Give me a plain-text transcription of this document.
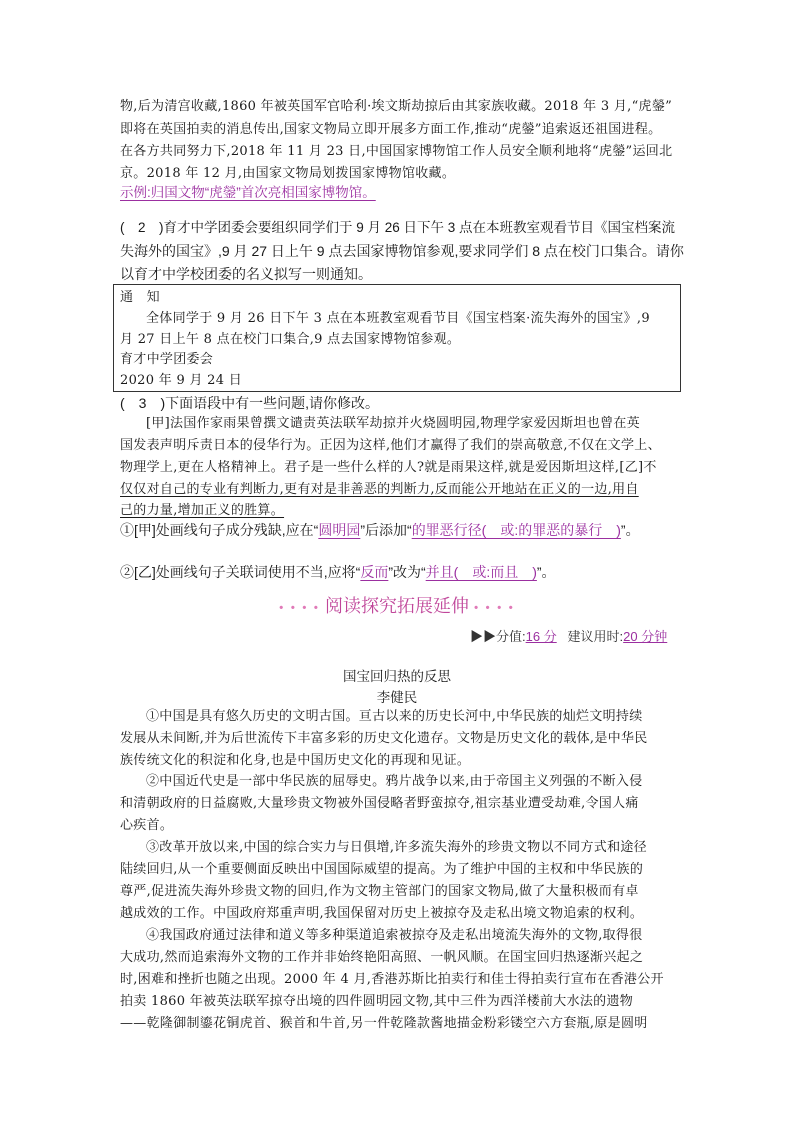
物,后为清宫收藏,1860 年被英国军官哈利·埃文斯劫掠后由其家族收藏。2018 年 3 月,“虎鎣”
即将在英国拍卖的消息传出,国家文物局立即开展多方面工作,推动“虎鎣”追索返还祖国进程。
在各方共同努力下,2018 年 11 月 23 日,中国国家博物馆工作人员安全顺利地将“虎鎣”运回北
京。2018 年 12 月,由国家文物局划拨国家博物馆收藏。
示例:归国文物“虎鎣”首次亮相国家博物馆。
(　2　)育才中学团委会要组织同学们于 9 月 26 日下午 3 点在本班教室观看节目《国宝档案流
失海外的国宝》,9 月 27 日上午 9 点去国家博物馆参观,要求同学们 8 点在校门口集合。请你
以育才中学校团委的名义拟写一则通知。
通　知
全体同学于 9 月 26 日下午 3 点在本班教室观看节目《国宝档案·流失海外的国宝》,9
月 27 日上午 8 点在校门口集合,9 点去国家博物馆参观。
育才中学团委会
2020 年 9 月 24 日
(　3　)下面语段中有一些问题,请你修改。
[甲]法国作家雨果曾撰文谴责英法联军劫掠并火烧圆明园,物理学家爱因斯坦也曾在英
国发表声明斥责日本的侵华行为。正因为这样,他们才赢得了我们的崇高敬意,不仅在文学上、
物理学上,更在人格精神上。君子是一些什么样的人?就是雨果这样,就是爱因斯坦这样,[乙]不
仅仅对自己的专业有判断力,更有对是非善恶的判断力,反而能公开地站在正义的一边,用自
己的力量,增加正义的胜算。
①[甲]处画线句子成分残缺,应在“圆明园”后添加“的罪恶行径(　或:的罪恶的暴行　)”。
②[乙]处画线句子关联词使用不当,应将“反而”改为“并且(　或:而且　)”。
• • • • 阅读探究拓展延伸 • • • •
▶▶分值:16 分 建议用时:20 分钟
国宝回归热的反思
李健民
①中国是具有悠久历史的文明古国。亘古以来的历史长河中,中华民族的灿烂文明持续
发展从未间断,并为后世流传下丰富多彩的历史文化遗存。文物是历史文化的载体,是中华民
族传统文化的积淀和化身,也是中国历史文化的再现和见证。
②中国近代史是一部中华民族的屈辱史。鸦片战争以来,由于帝国主义列强的不断入侵
和清朝政府的日益腐败,大量珍贵文物被外国侵略者野蛮掠夺,祖宗基业遭受劫难,令国人痛
心疾首。
③改革开放以来,中国的综合实力与日俱增,许多流失海外的珍贵文物以不同方式和途径
陆续回归,从一个重要侧面反映出中国国际威望的提高。为了维护中国的主权和中华民族的
尊严,促进流失海外珍贵文物的回归,作为文物主管部门的国家文物局,做了大量积极而有卓
越成效的工作。中国政府郑重声明,我国保留对历史上被掠夺及走私出境文物追索的权利。
④我国政府通过法律和道义等多种渠道追索被掠夺及走私出境流失海外的文物,取得很
大成功,然而追索海外文物的工作并非始终艳阳高照、一帆风顺。在国宝回归热逐渐兴起之
时,困难和挫折也随之出现。2000 年 4 月,香港苏斯比拍卖行和佳士得拍卖行宣布在香港公开
拍卖 1860 年被英法联军掠夺出境的四件圆明园文物,其中三件为西洋楼前大水法的遗物
——乾隆御制鎏花铜虎首、猴首和牛首,另一件乾隆款酱地描金粉彩镂空六方套瓶,原是圆明
